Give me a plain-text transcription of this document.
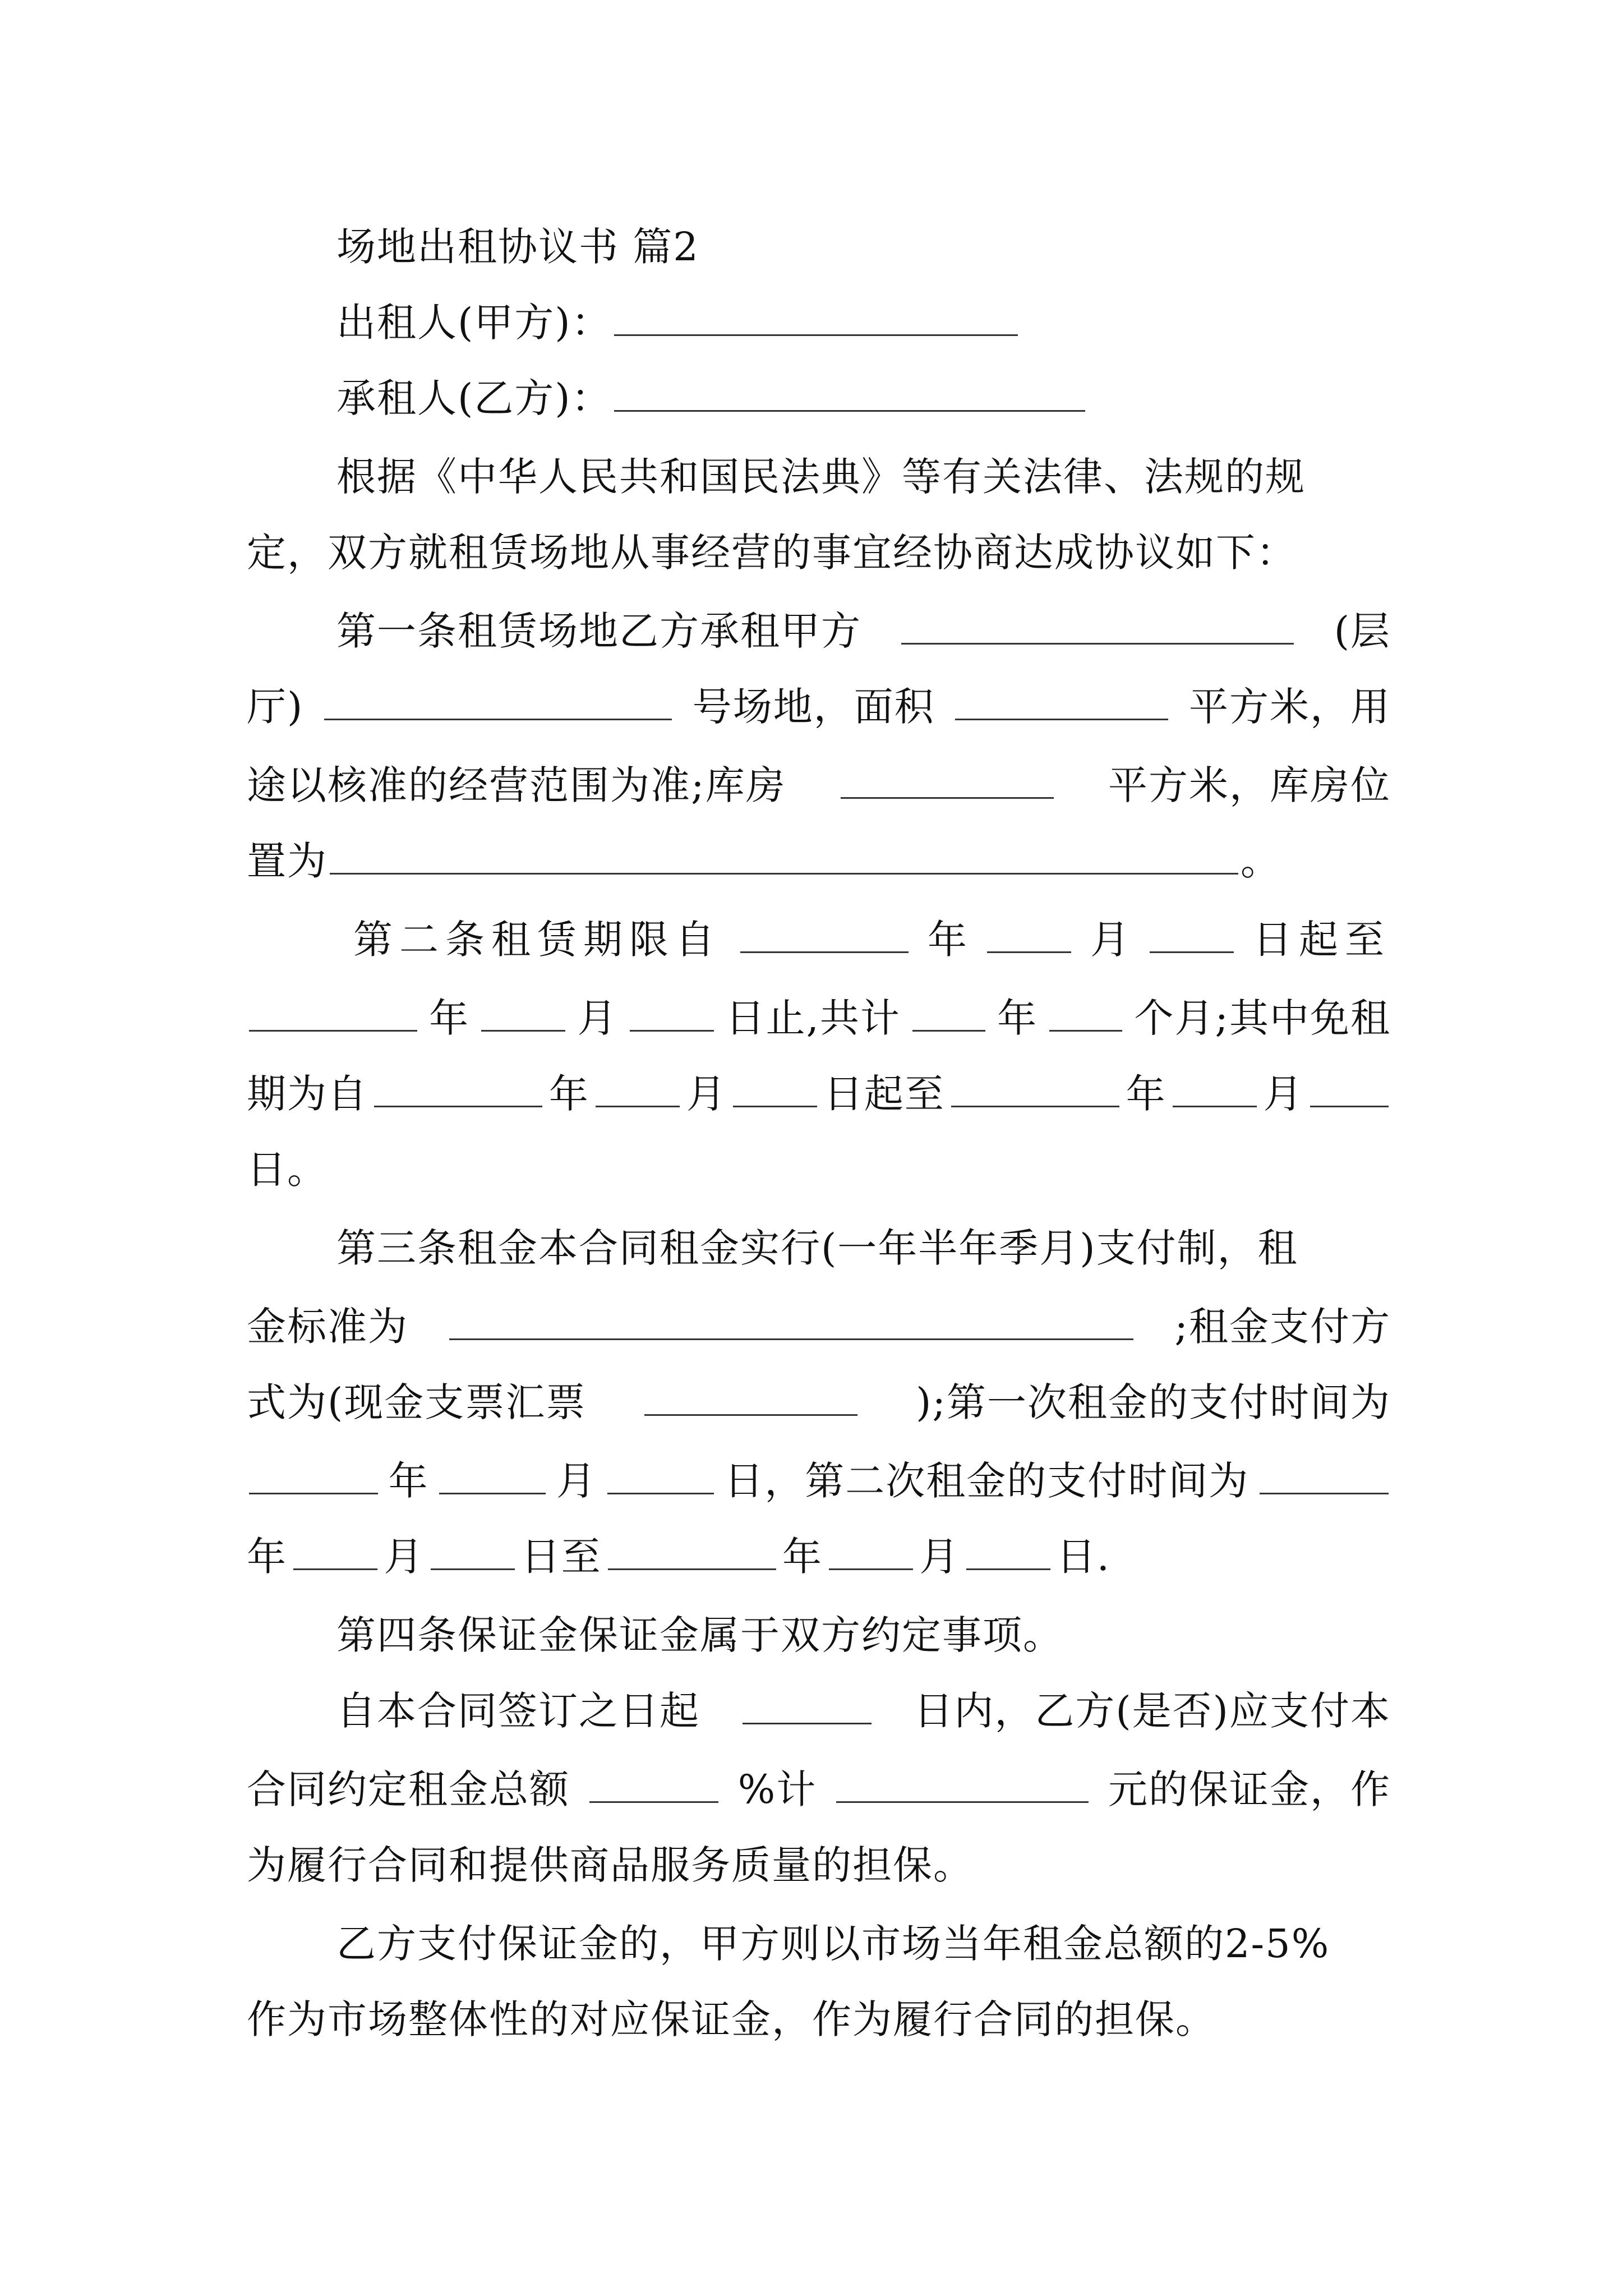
场地出租协议书 篇2
出租人(甲方)：
承租人(乙方)：
根据《中华人民共和国民法典》等有关法律、法规的规
定，双方就租赁场地从事经营的事宜经协商达成协议如下：
第一条租赁场地乙方承租甲方	(层
厅)	号场地，面积	平方米，用
途以核准的经营范围为准;库房	平方米，库房位
置为	。
第二条租赁期限自	年	月	日起至
年	月	日止,共计 年 个月;其中免租
期为自	年 月 日起至	年 月
日。
第三条租金本合同租金实行(一年半年季月)支付制，租
金标准为	;租金支付方
式为(现金支票汇票	);第一次租金的支付时间为
年	月	日，第二次租金的支付时间为
年 月 日至	年 月 日.
第四条保证金保证金属于双方约定事项。
自本合同签订之日起	日内，乙方(是否)应支付本
合同约定租金总额	%计	元的保证金，作
为履行合同和提供商品服务质量的担保。
乙方支付保证金的，甲方则以市场当年租金总额的2-5%
作为市场整体性的对应保证金，作为履行合同的担保。
